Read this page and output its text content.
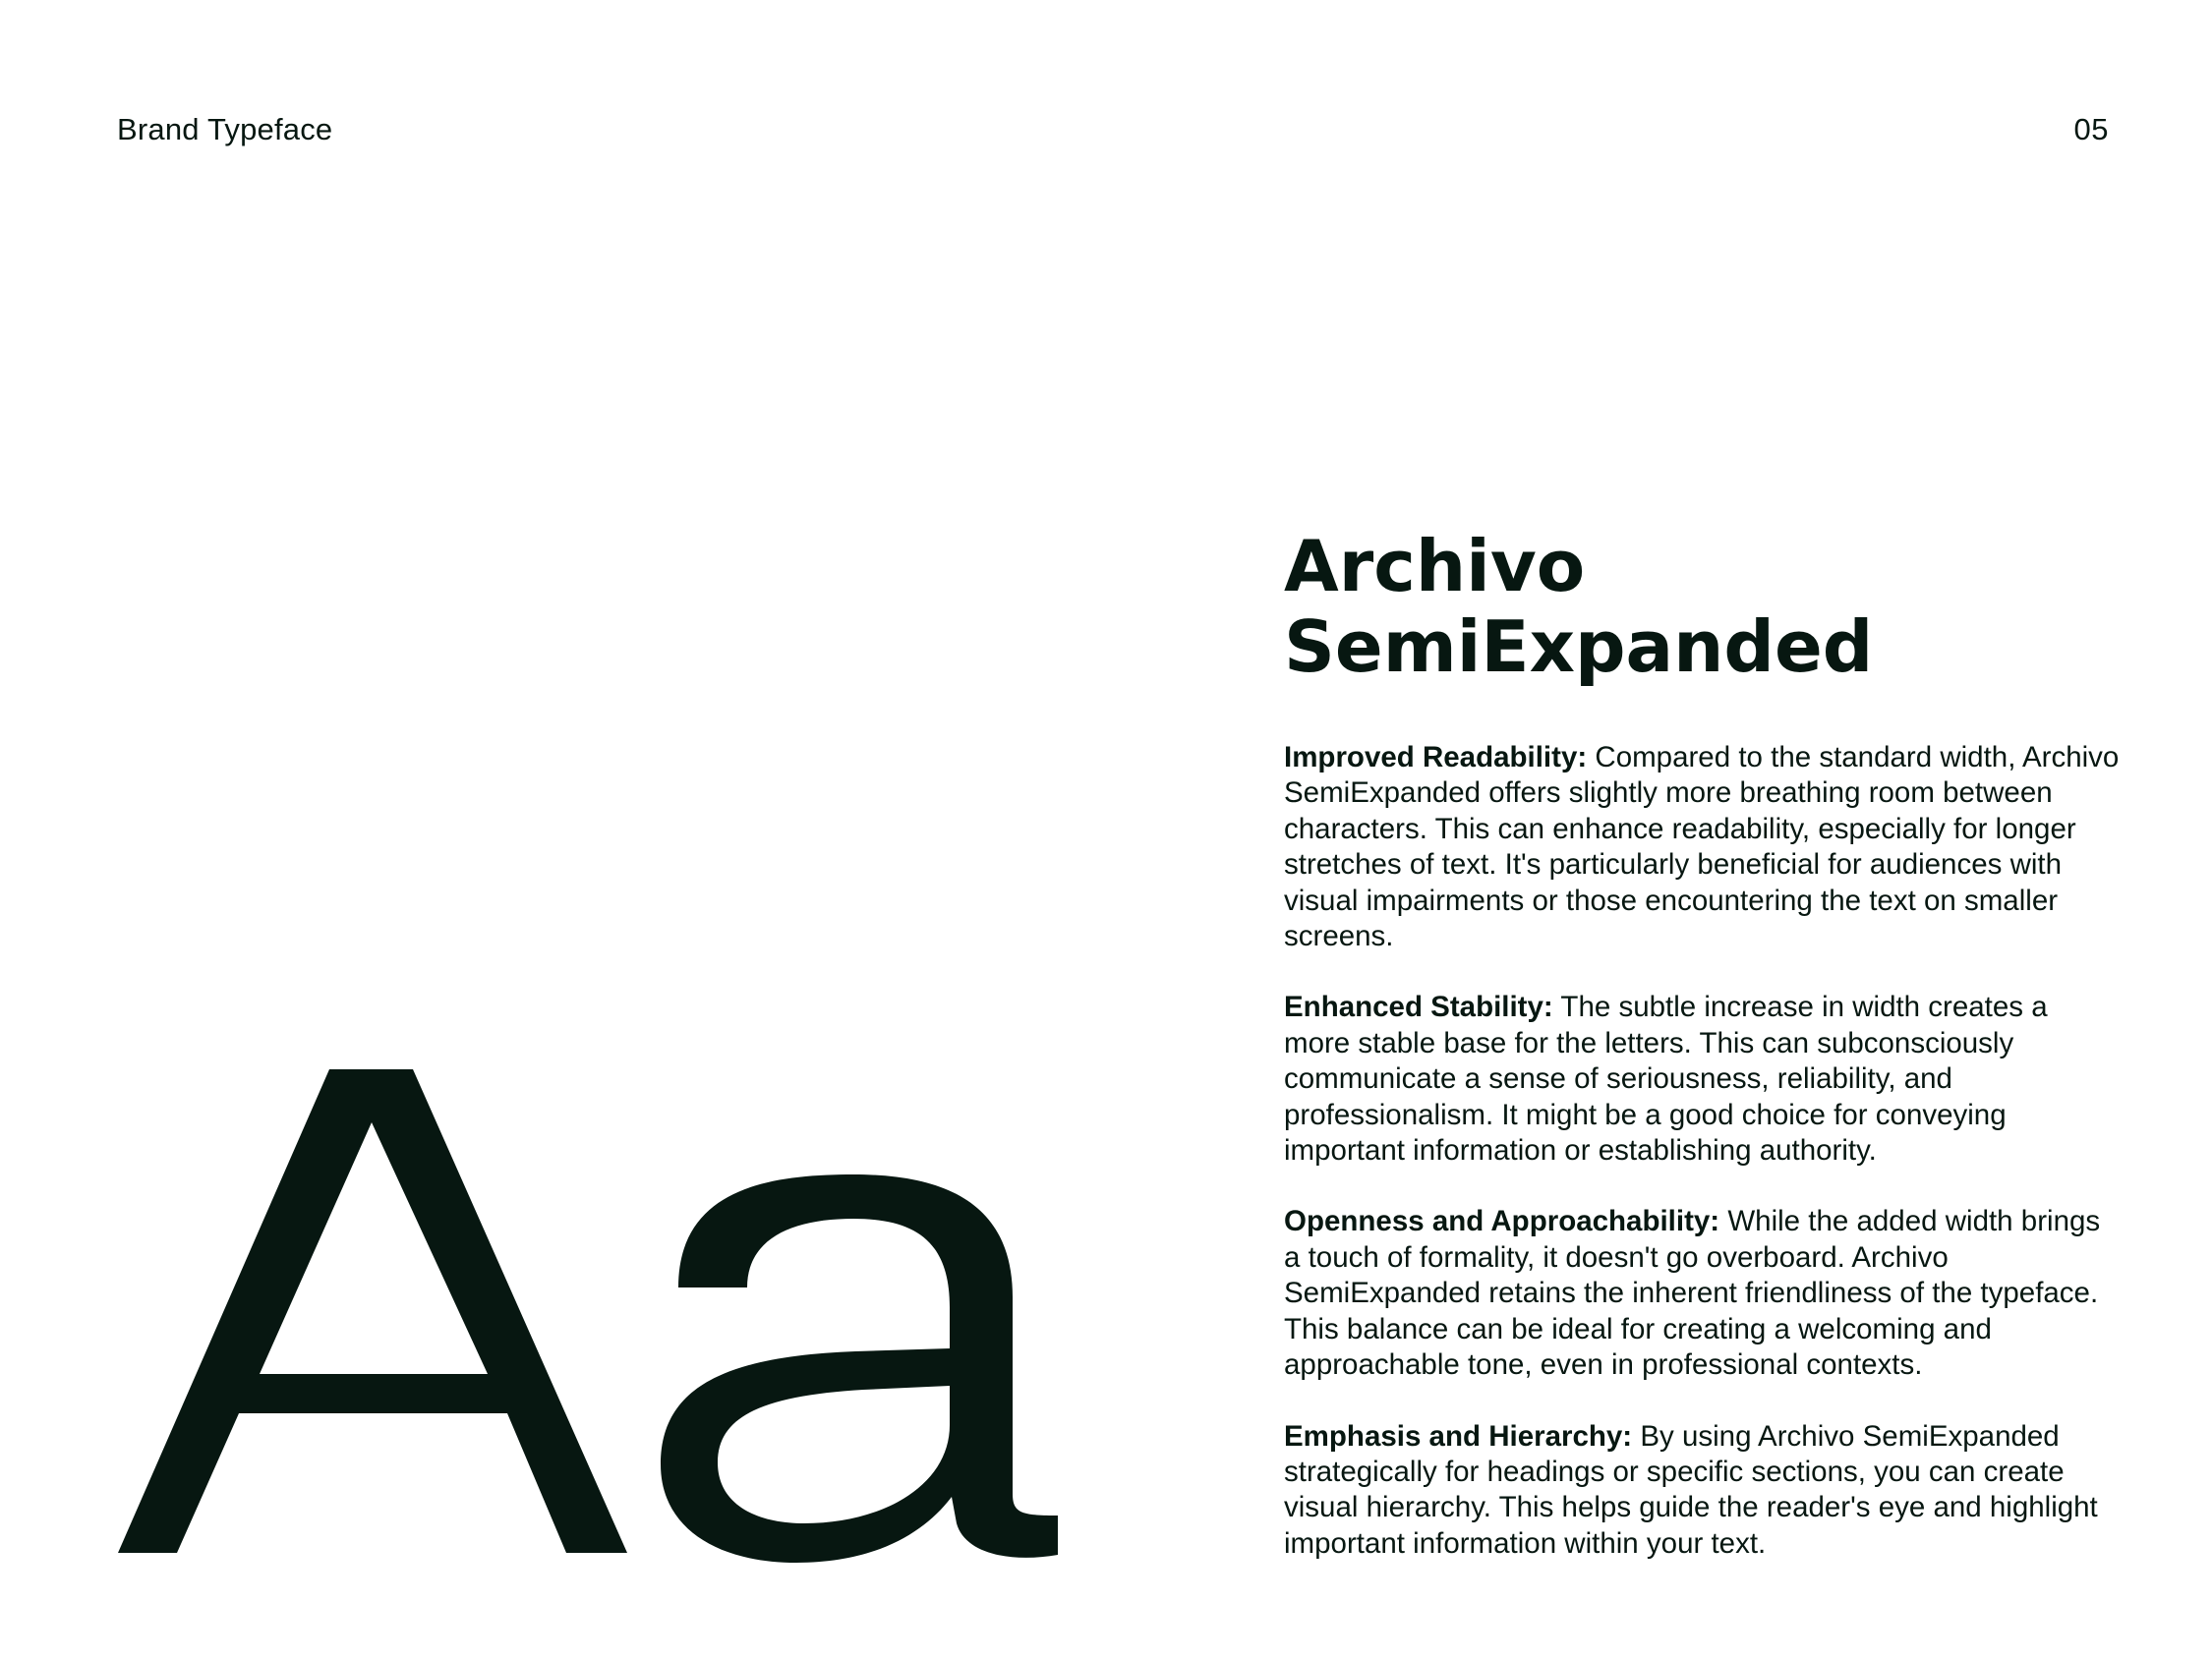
Brand Typeface	05
Archivo
SemiExpanded

Improved Readability: Compared to the standard width, Archivo SemiExpanded offers slightly more breathing room between characters. This can enhance readability, especially for longer stretches of text. It's particularly beneficial for audiences with visual impairments or those encountering the text on smaller screens.

Enhanced Stability: The subtle increase in width creates a more stable base for the letters. This can subconsciously communicate a sense of seriousness, reliability, and professionalism. It might be a good choice for conveying important information or establishing authority.

Openness and Approachability: While the added width brings a touch of formality, it doesn't go overboard. Archivo SemiExpanded retains the inherent friendliness of the typeface. This balance can be ideal for creating a welcoming and approachable tone, even in professional contexts.

Emphasis and Hierarchy: By using Archivo SemiExpanded strategically for headings or specific sections, you can create visual hierarchy. This helps guide the reader's eye and highlight important information within your text.
